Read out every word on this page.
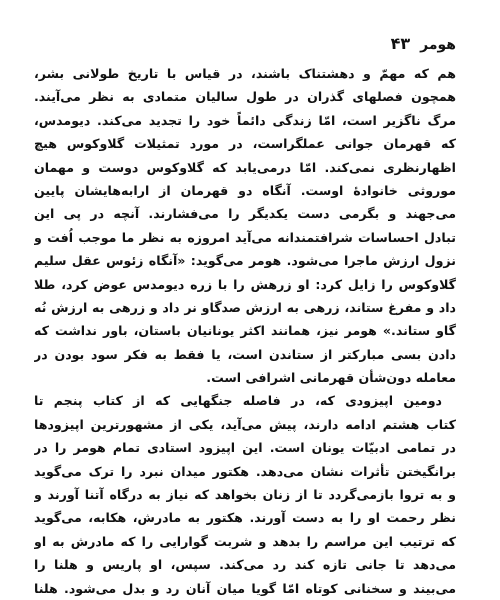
هومر
۴۳
هم که مهمّ و دهشتناک باشند، در قیاس با تاریخ طولانی بشر،
همچون فصلهای گذران در طول سالیان متمادی به نظر می‌آیند.
مرگ ناگزیر است، امّا زندگی دائماً خود را تجدید می‌کند. دیومدس،
که قهرمان جوانی عملگراست، در مورد تمثیلات گلاوکوس هیچ
اظهارنظری نمی‌کند. امّا درمی‌یابد که گلاوکوس دوست و مهمان
موروثی خانوادهٔ اوست. آنگاه دو قهرمان از ارابه‌هایشان پایین
می‌جهند و بگرمی دست یکدیگر را می‌فشارند. آنچه در پی این
تبادل احساسات شرافتمندانه می‌آید امروزه به نظر ما موجب اُفت و
نزول ارزش ماجرا می‌شود. هومر می‌گوید: «آنگاه زئوس عقل سلیم
گلاوکوس را زایل کرد: او زرهش را با زره دیومدس عوض کرد، طلا
داد و مفرغ ستاند، زرهی به ارزش صدگاو نر داد و زرهی به ارزش نُه
گاو ستاند.» هومر نیز، همانند اکثر یونانیان باستان، باور نداشت که
دادن بسی مبارکتر از ستاندن است، یا فقط به فکر سود بودن در
معامله دون‌شأن قهرمانی اشرافی است.
دومین اپیزودی که، در فاصله جنگهایی که از کتاب پنجم تا
کتاب هشتم ادامه دارند، پیش می‌آید، یکی از مشهورترین اپیزودها
در تمامی ادبیّات یونان است. این اپیزود استادی تمام هومر را در
برانگیختن تأثرات نشان می‌دهد. هکتور میدان نبرد را ترک می‌گوید
و به تروا بازمی‌گردد تا از زنان بخواهد که نیاز به درگاه آتنا آورند و
نظر رحمت او را به دست آورند. هکتور به مادرش، هکابه، می‌گوید
که ترتیب این مراسم را بدهد و شربت گوارایی را که مادرش به او
می‌دهد تا جانی تازه کند رد می‌کند. سپس، او پاریس و هلنا را
می‌بیند و سخنانی کوتاه امّا گویا میان آنان رد و بدل می‌شود. هلنا
